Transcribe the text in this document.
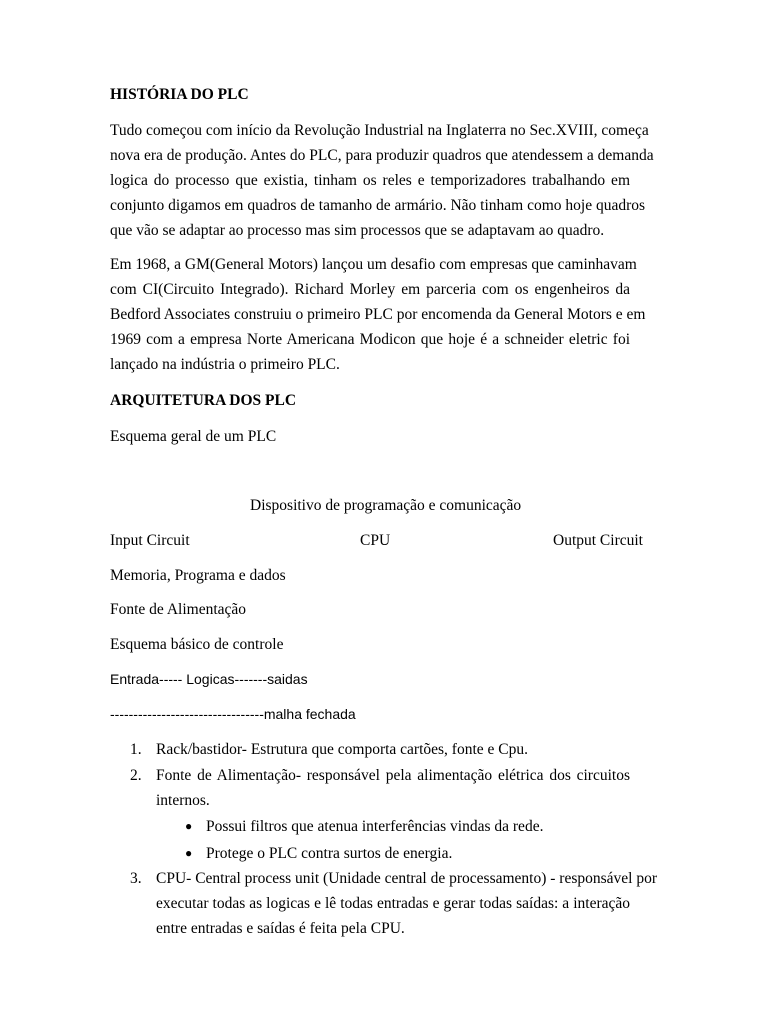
HISTÓRIA DO PLC
Tudo começou com início da Revolução Industrial na Inglaterra no Sec.XVIII, começa
nova era de produção. Antes do PLC, para produzir quadros que atendessem a demanda
logica do processo que existia, tinham os reles e temporizadores trabalhando em
conjunto digamos em quadros de tamanho de armário. Não tinham como hoje quadros
que vão se adaptar ao processo mas sim processos que se adaptavam ao quadro.
Em 1968, a GM(General Motors) lançou um desafio com empresas que caminhavam
com CI(Circuito Integrado). Richard Morley em parceria com os engenheiros da
Bedford Associates construiu o primeiro PLC por encomenda da General Motors e em
1969 com a empresa Norte Americana Modicon que hoje é a schneider eletric foi
lançado na indústria o primeiro PLC.
ARQUITETURA DOS PLC
Esquema geral de um PLC
Dispositivo de programação e comunicação
Input Circuit	CPU	Output Circuit
Memoria, Programa e dados
Fonte de Alimentação
Esquema básico de controle
Entrada----- Logicas-------saidas
---------------------------------malha fechada
1. Rack/bastidor- Estrutura que comporta cartões, fonte e Cpu.
2. Fonte de Alimentação- responsável pela alimentação elétrica dos circuitos
internos.
● Possui filtros que atenua interferências vindas da rede.
● Protege o PLC contra surtos de energia.
3. CPU- Central process unit (Unidade central de processamento) - responsável por
executar todas as logicas e lê todas entradas e gerar todas saídas: a interação
entre entradas e saídas é feita pela CPU.
